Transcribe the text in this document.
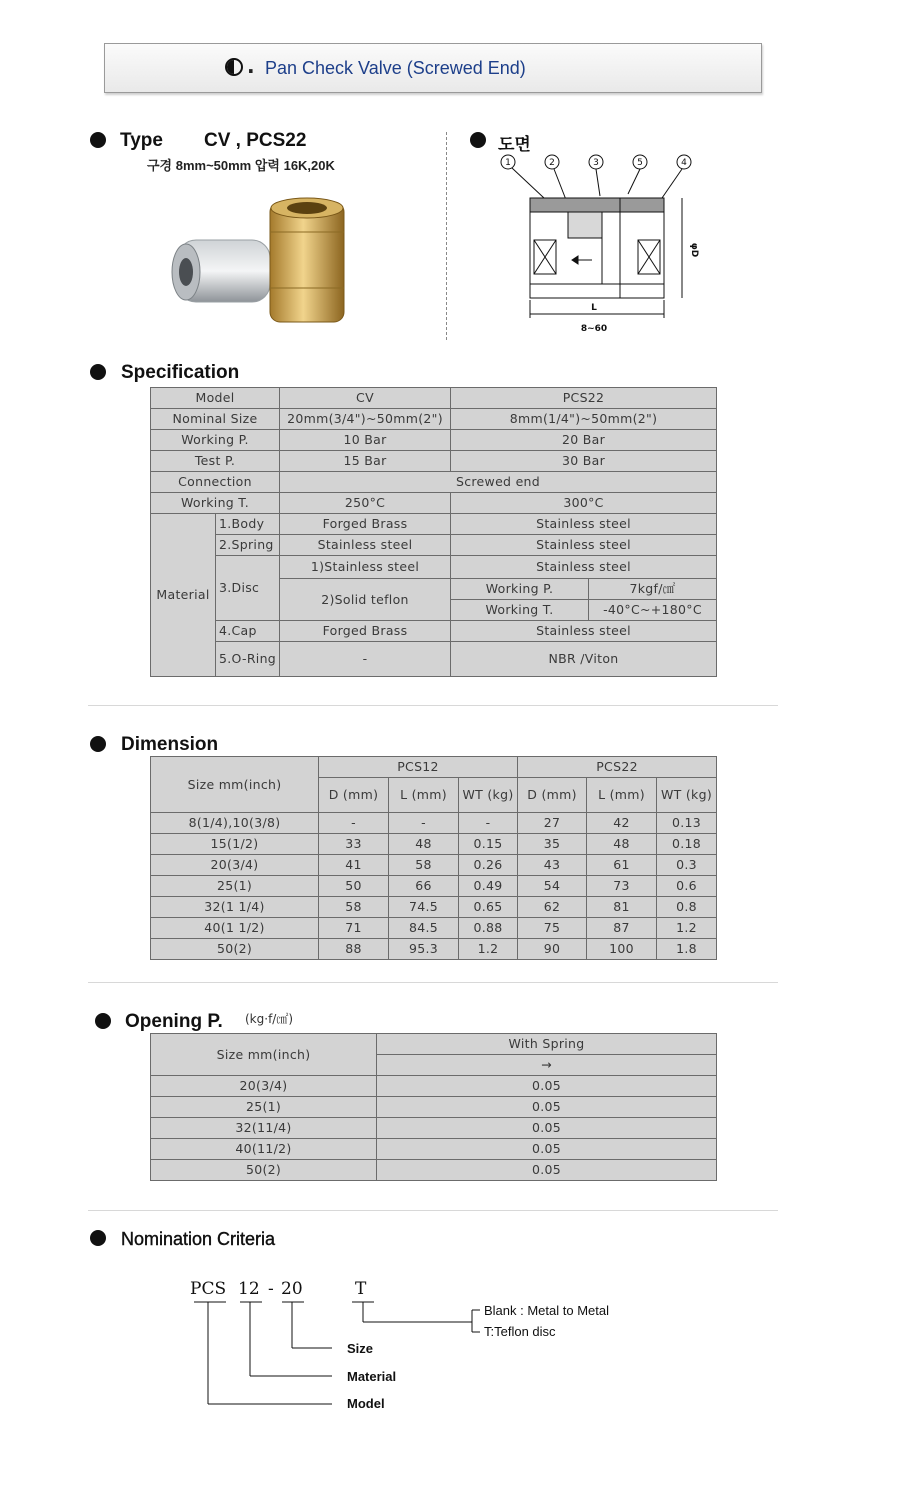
. Pan Check Valve (Screwed End)
Type CV , PCS22
구경 8mm~50mm 압력 16K,20K
도면
1	2	3	5	4
L
8~60
φD
Specification
Model		CV	PCS22	
Nominal Size		20mm(3/4")~50mm(2")	8mm(1/4")~50mm(2")	
Working P.		10 Bar	20 Bar	
Test P.		15 Bar	30 Bar	
Connection		Screwed end		
Working T.		250°C	300°C	
Material	1.Body	Forged Brass	Stainless steel	
	2.Spring	Stainless steel	Stainless steel	
	3.Disc	1)Stainless steel	Stainless steel	
		2)Solid teflon	Working P.	7kgf/㎠
			Working T.	-40°C~+180°C
	4.Cap	Forged Brass	Stainless steel	
	5.O-Ring	-	NBR /Viton	
Dimension
Size mm(inch)	PCS12			PCS22		
	D (mm)	L (mm)	WT (kg)	D (mm)	L (mm)	WT (kg)
8(1/4),10(3/8)	-	-	-	27	42	0.13
15(1/2)	33	48	0.15	35	48	0.18
20(3/4)	41	58	0.26	43	61	0.3
25(1)	50	66	0.49	54	73	0.6
32(1 1/4)	58	74.5	0.65	62	81	0.8
40(1 1/2)	71	84.5	0.88	75	87	1.2
50(2)	88	95.3	1.2	90	100	1.8
Opening P. (kg·f/㎠)
Size mm(inch)	With Spring
	→
20(3/4)	0.05
25(1)	0.05
32(11/4)	0.05
40(11/2)	0.05
50(2)	0.05
Nomination Criteria
PCS 12 - 20	T
Size
Material
Model
Blank : Metal to Metal
T:Teflon disc
